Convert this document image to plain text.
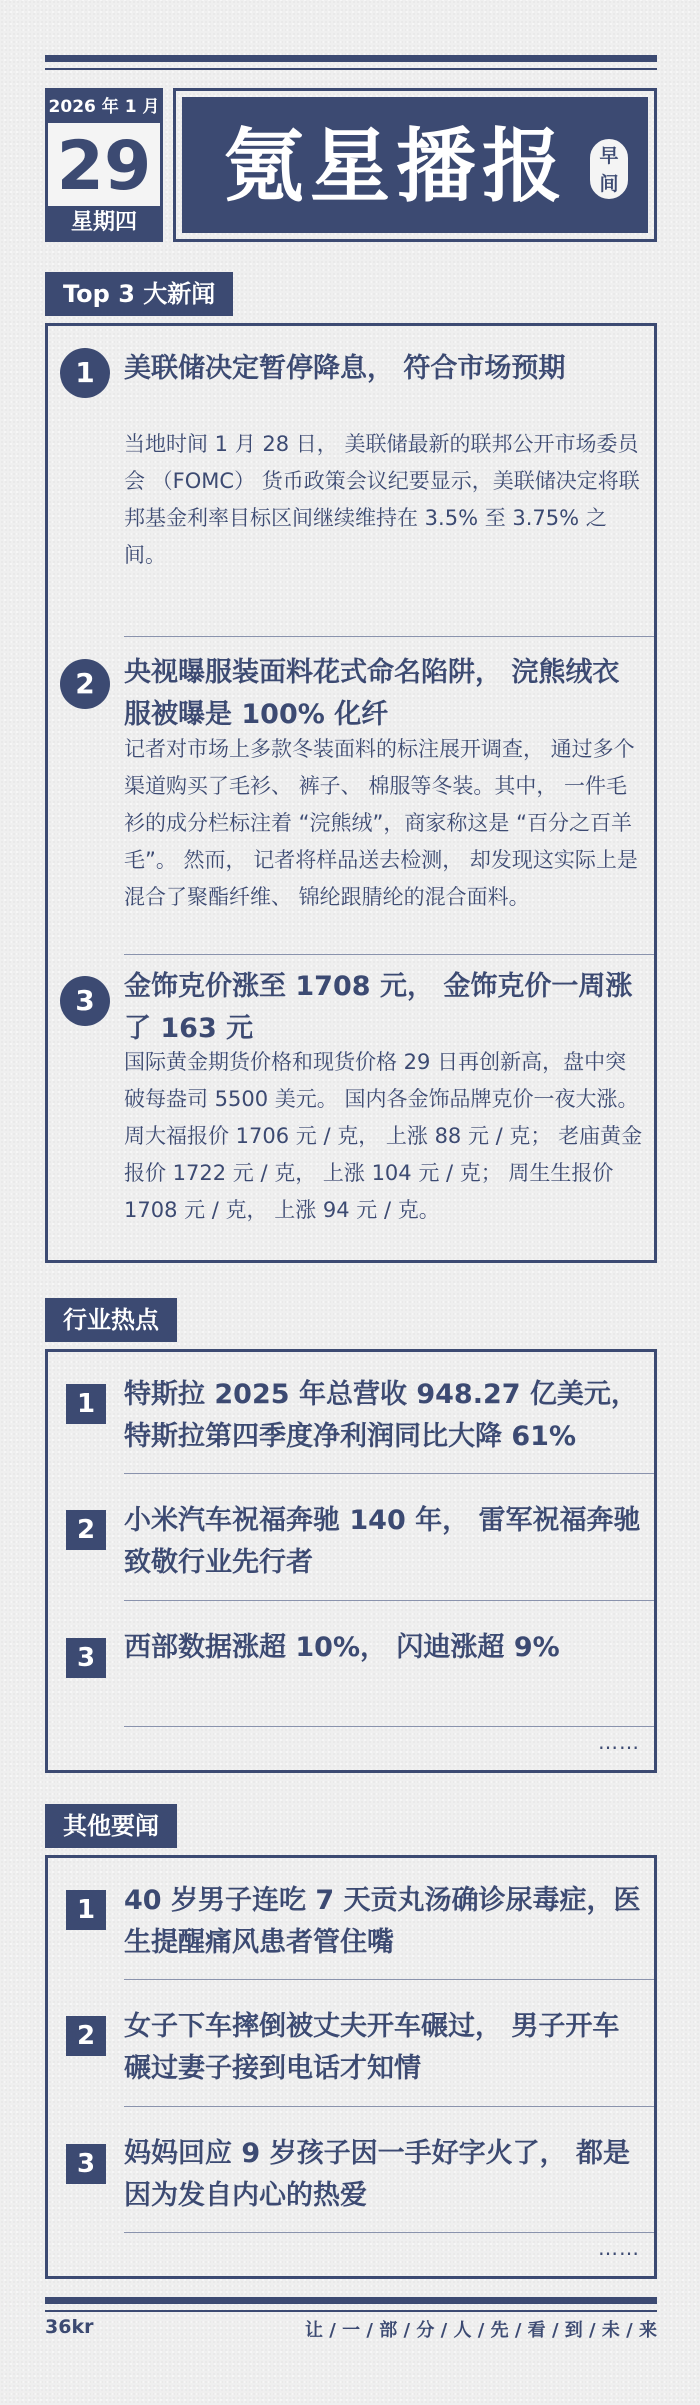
2026 年 1 月
29
星期四
氪星播报	早
间
Top 3 大新闻
1	美联储决定暂停降息， 符合市场预期
当地时间 1 月 28 日， 美联储最新的联邦公开市场委员会 （FOMC） 货币政策会议纪要显示，美联储决定将联邦基金利率目标区间继续维持在 3.5% 至 3.75% 之间。
2	央视曝服装面料花式命名陷阱， 浣熊绒衣服被曝是 100% 化纤
记者对市场上多款冬装面料的标注展开调查， 通过多个渠道购买了毛衫、 裤子、 棉服等冬装。其中， 一件毛衫的成分栏标注着 “浣熊绒”，商家称这是 “百分之百羊毛”。 然而， 记者将样品送去检测， 却发现这实际上是混合了聚酯纤维、 锦纶跟腈纶的混合面料。
3	金饰克价涨至 1708 元， 金饰克价一周涨了 163 元
国际黄金期货价格和现货价格 29 日再创新高，盘中突破每盎司 5500 美元。 国内各金饰品牌克价一夜大涨。 周大福报价 1706 元 / 克， 上涨 88 元 / 克； 老庙黄金报价 1722 元 / 克， 上涨 104 元 / 克； 周生生报价 1708 元 / 克， 上涨 94 元 / 克。
行业热点
1	特斯拉 2025 年总营收 948.27 亿美元，特斯拉第四季度净利润同比大降 61%
2	小米汽车祝福奔驰 140 年， 雷军祝福奔驰致敬行业先行者
3	西部数据涨超 10%， 闪迪涨超 9%
……
其他要闻
1	40 岁男子连吃 7 天贡丸汤确诊尿毒症，医生提醒痛风患者管住嘴
2	女子下车摔倒被丈夫开车碾过， 男子开车碾过妻子接到电话才知情
3	妈妈回应 9 岁孩子因一手好字火了， 都是因为发自内心的热爱
……
36kr	让 / 一 / 部 / 分 / 人 / 先 / 看 / 到 / 未 / 来
